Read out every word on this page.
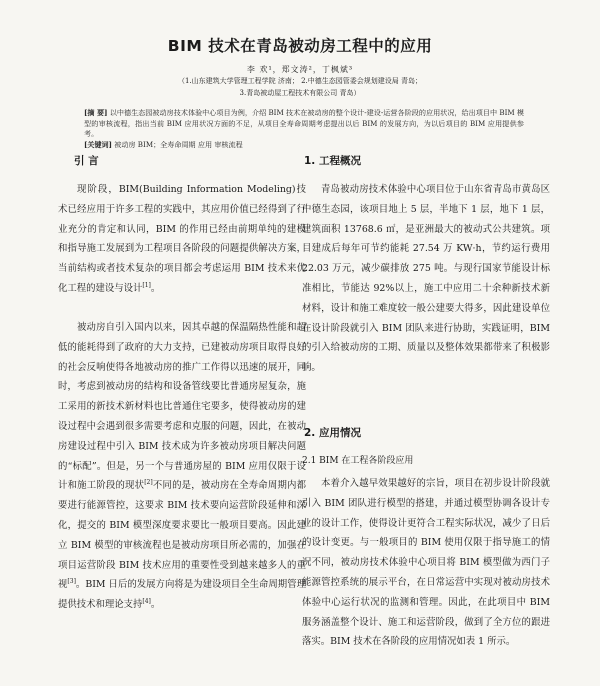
BIM 技术在青岛被动房工程中的应用
李 欢¹，郑文涛²，丁枫斌³
（1.山东建筑大学管理工程学院 济南； 2.中德生态园管委会规划建设局 青岛；
3.青岛被动屋工程技术有限公司 青岛）
[摘 要] 以中德生态园被动房技术体验中心项目为例，介绍 BIM 技术在被动房的整个设计-建设-运营各阶段的应用状况，给出项目中 BIM 模型的审核流程，指出当前 BIM 应用状况方面的不足，从项目全寿命周期考虑提出以后 BIM 的发展方向，为以后项目的 BIM 应用提供参考。
[关键词] 被动房 BIM；全寿命周期 应用 审核流程
引 言
现阶段，BIM(Building Information Modeling)技术已经应用于许多工程的实践中，其应用价值已经得到了行业充分的肯定和认同，BIM 的作用已经由前期单纯的建模和指导施工发展到为工程项目各阶段的问题提供解决方案，当前结构或者技术复杂的项目都会考虑运用 BIM 技术来优化工程的建设与设计[1]。
被动房自引入国内以来，因其卓越的保温隔热性能和超低的能耗得到了政府的大力支持，已建被动房项目取得良好的社会反响使得各地被动房的推广工作得以迅速的展开，同时，考虑到被动房的结构和设备管线要比普通房屋复杂，施工采用的新技术新材料也比普通住宅要多，使得被动房的建设过程中会遇到很多需要考虑和克服的问题，因此，在被动房建设过程中引入 BIM 技术成为许多被动房项目解决问题的“标配”。但是，另一个与普通房屋的 BIM 应用仅限于设计和施工阶段的现状[2]不同的是，被动房在全寿命周期内都要进行能源管控，这要求 BIM 技术要向运营阶段延伸和深化，提交的 BIM 模型深度要求要比一般项目要高。因此建立 BIM 模型的审核流程也是被动房项目所必需的，加强在项目运营阶段 BIM 技术应用的重要性受到越来越多人的重视[3]。BIM 日后的发展方向将是为建设项目全生命周期管理提供技术和理论支持[4]。
1. 工程概况
青岛被动房技术体验中心项目位于山东省青岛市黄岛区中德生态园，该项目地上 5 层，半地下 1 层，地下 1 层，建筑面积 13768.6 ㎡，是亚洲最大的被动式公共建筑。项目建成后每年可节约能耗 27.54 万 KW·h，节约运行费用 22.03 万元，减少碳排放 275 吨。与现行国家节能设计标准相比，节能达 92%以上，施工中应用二十余种新技术新材料，设计和施工难度较一般公建要大得多，因此建设单位在设计阶段就引入 BIM 团队来进行协助，实践证明，BIM 的引入给被动房的工期、质量以及整体效果都带来了积极影响。
2. 应用情况
2.1 BIM 在工程各阶段应用
本着介入越早效果越好的宗旨，项目在初步设计阶段就引入 BIM 团队进行模型的搭建，并通过模型协调各设计专业的设计工作，使得设计更符合工程实际状况，减少了日后的设计变更。与一般项目的 BIM 使用仅限于指导施工的情况不同，被动房技术体验中心项目将 BIM 模型做为西门子能源管控系统的展示平台，在日常运营中实现对被动房技术体验中心运行状况的监测和管理。因此，在此项目中 BIM 服务涵盖整个设计、施工和运营阶段，做到了全方位的跟进落实。BIM 技术在各阶段的应用情况如表 1 所示。
